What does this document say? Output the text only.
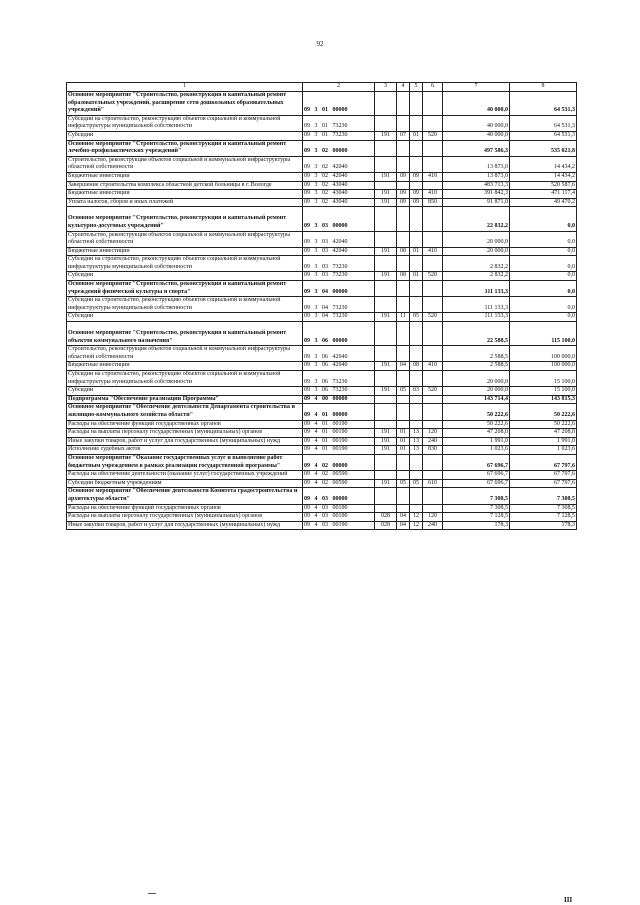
92
1	2	3	4	5	6	7	8
Основное мероприятие "Строительство, реконструкция и капитальный ремонт образовательных учреждений, расширение сети дошкольных образовательных учреждений"	09 3 01 00000					40 000,0	64 531,3
Субсидии на строительство, реконструкцию объектов социальной и коммунальной инфраструктуры муниципальной собственности	09 3 01 73230					40 000,0	64 531,3
Субсидии	09 3 01 73230	191	07	01	520	40 000,0	64 531,3
Основное мероприятие "Строительство, реконструкция и капитальный ремонт лечебно-профилактических учреждений"	09 3 02 00000					497 586,3	535 021,8
Строительство, реконструкция объектов социальной и коммунальной инфраструктуры областной собственности	09 3 02 42040					13 873,0	14 434,2
Бюджетные инвестиции	09 3 02 42040	191	09	09	410	13 873,0	14 434,2
Завершение строительства комплекса областной детской больницы в г. Вологде	09 3 02 43040					483 713,3	520 587,6
Бюджетные инвестиции	09 3 02 43040	191	09	09	410	391 842,3	471 117,4
Уплата налогов, сборов и иных платежей	09 3 02 43040	191	09	09	850	91 871,0	49 470,2
Основное мероприятие "Строительство, реконструкция и капитальный ремонт культурно-досуговых учреждений"	09 3 03 00000					22 832,2	0,0
Строительство, реконструкция объектов социальной и коммунальной инфраструктуры областной собственности	09 3 03 42040					20 000,0	0,0
Бюджетные инвестиции	09 3 03 42040	191	08	01	410	20 000,0	0,0
Субсидии на строительство, реконструкцию объектов социальной и коммунальной инфраструктуры муниципальной собственности	09 3 03 73230					2 832,2	0,0
Субсидии	09 3 03 73230	191	08	01	520	2 832,2	0,0
Основное мероприятие "Строительство, реконструкция и капитальный ремонт учреждений физической культуры и спорта"	09 3 04 00000					111 133,3	0,0
Субсидии на строительство, реконструкцию объектов социальной и коммунальной инфраструктуры муниципальной собственности	09 3 04 73230					111 133,3	0,0
Субсидии	09 3 04 73230	191	11	05	520	111 133,3	0,0
Основное мероприятие "Строительство, реконструкция и капитальный ремонт объектов коммунального назначения"	09 3 06 00000					22 588,5	115 100,0
Строительство, реконструкция объектов социальной и коммунальной инфраструктуры областной собственности	09 3 06 42040					2 588,5	100 000,0
Бюджетные инвестиции	09 3 06 42040	191	04	08	410	2 588,5	100 000,0
Субсидии на строительство, реконструкцию объектов социальной и коммунальной инфраструктуры муниципальной собственности	09 3 06 73230					20 000,0	15 100,0
Субсидии	09 3 06 73230	191	05	03	520	20 000,0	15 100,0
Подпрограмма "Обеспечение реализации Программы"	09 4 00 00000					143 714,4	143 815,3
Основное мероприятие "Обеспечение деятельности Департамента строительства и жилищно-коммунального хозяйства области"	09 4 01 00000					50 222,6	50 222,6
Расходы на обеспечение функций государственных органов	09 4 01 00190					50 222,6	50 222,6
Расходы на выплаты персоналу государственных (муниципальных) органов	09 4 01 00190	191	01	13	120	47 208,0	47 208,0
Иные закупки товаров, работ и услуг для государственных (муниципальных) нужд	09 4 01 00190	191	01	13	240	1 991,0	1 991,0
Исполнение судебных актов	09 4 01 00190	191	01	13	830	1 023,6	1 023,6
Основное мероприятие "Оказание государственных услуг и выполнение работ бюджетным учреждением в рамках реализации государственной программы"	09 4 02 00000					67 696,7	67 797,6
Расходы на обеспечение деятельности (оказание услуг) государственных учреждений	09 4 02 00590					67 696,7	67 797,6
Субсидии бюджетным учреждениям	09 4 02 00590	191	05	05	610	67 696,7	67 797,6
Основное мероприятие "Обеспечение деятельности Комитета градостроительства и архитектуры области"	09 4 03 00000					7 308,5	7 308,5
Расходы на обеспечение функций государственных органов	09 4 03 00190					7 308,5	7 308,5
Расходы на выплаты персоналу государственных (муниципальных) органов	09 4 03 00190	028	04	12	120	7 128,5	7 128,5
Иные закупки товаров, работ и услуг для государственных (муниципальных) нужд	09 4 03 00190	028	04	12	240	178,3	178,3
III
